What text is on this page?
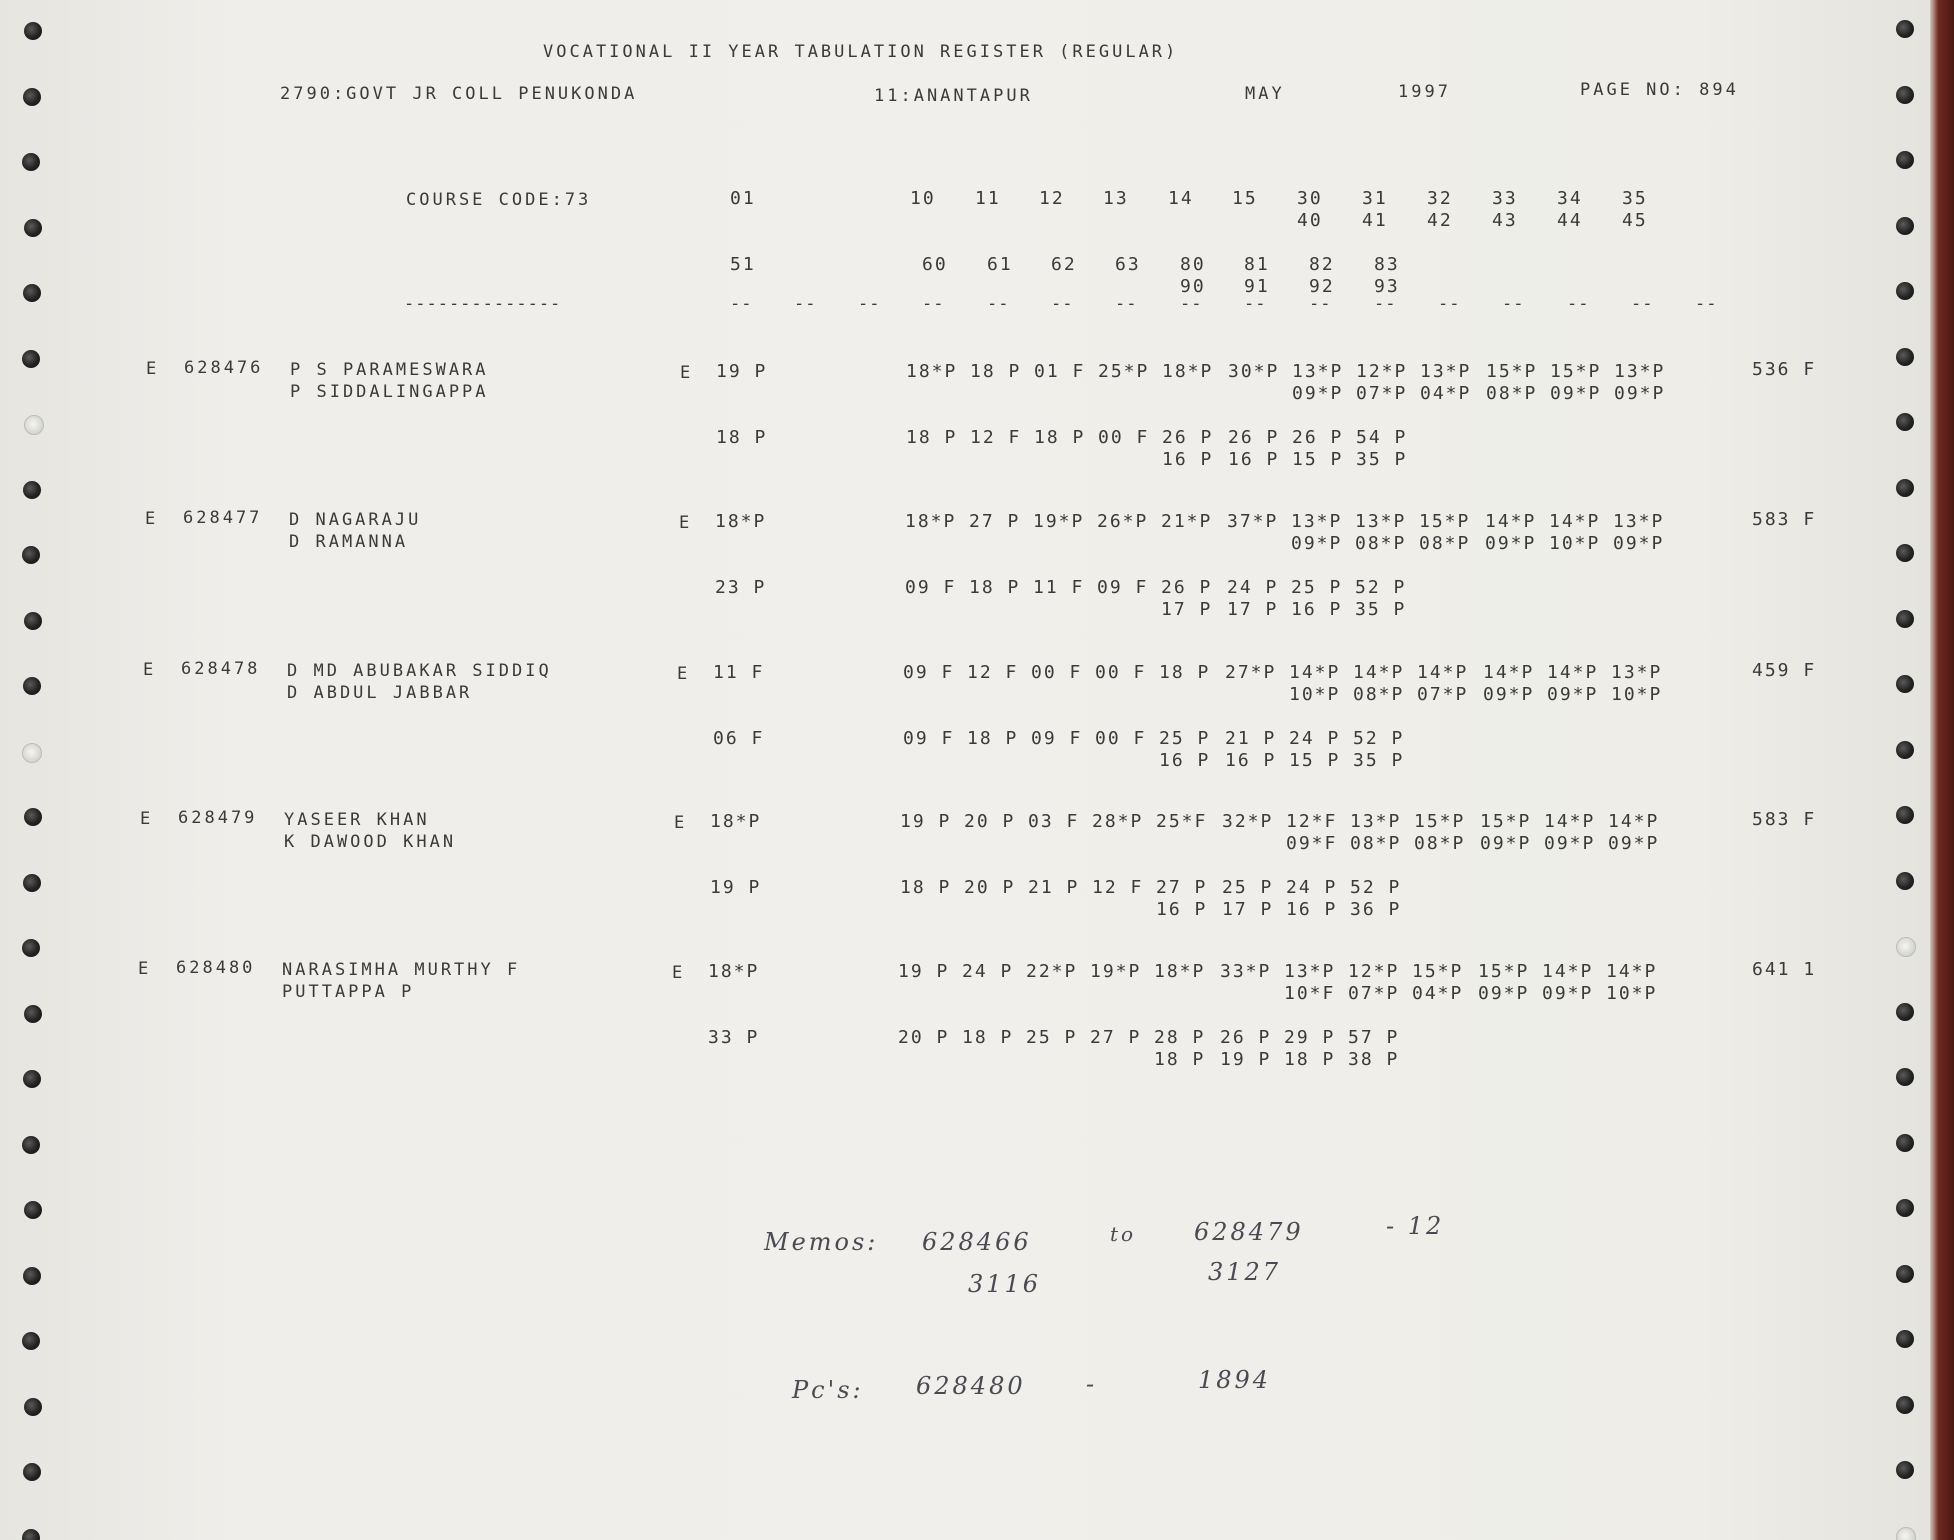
VOCATIONAL II YEAR TABULATION REGISTER (REGULAR)
2790:GOVT JR COLL PENUKONDA	11:ANANTAPUR	MAY	1997	PAGE NO: 894
COURSE CODE:73	01	10 11 12 13 14 15 30 31 32 33 34 35
40 41 42 43 44 45
51	60 61 62 63 80 81 82 83
90 91 92 93
--------------	-- -- -- --	-- -- --	-- --	--	-- -- --	-- -- --
E 628476 P S PARAMESWARA
P SIDDALINGAPPA
E 19 P	18*P 18 P 01 F 25*P 18*P 30*P 13*P 12*P 13*P 15*P 15*P 13*P
09*P 07*P 04*P 08*P 09*P 09*P
536 F
18 P	18 P 12 F 18 P 00 F 26 P 26 P 26 P 54 P
16 P 16 P 15 P 35 P
E 628477 D NAGARAJU
D RAMANNA
E 18*P	18*P 27 P 19*P 26*P 21*P 37*P 13*P 13*P 15*P 14*P 14*P 13*P
09*P 08*P 08*P 09*P 10*P 09*P
583 F
23 P	09 F 18 P 11 F 09 F 26 P 24 P 25 P 52 P
17 P 17 P 16 P 35 P
E 628478 D MD ABUBAKAR SIDDIQ
D ABDUL JABBAR
E 11 F	09 F 12 F 00 F 00 F 18 P 27*P 14*P 14*P 14*P 14*P 14*P 13*P
10*P 08*P 07*P 09*P 09*P 10*P
459 F
06 F	09 F 18 P 09 F 00 F 25 P 21 P 24 P 52 P
16 P 16 P 15 P 35 P
E 628479 YASEER KHAN
K DAWOOD KHAN
E 18*P	19 P 20 P 03 F 28*P 25*F 32*P 12*F 13*P 15*P 15*P 14*P 14*P
09*F 08*P 08*P 09*P 09*P 09*P
583 F
19 P	18 P 20 P 21 P 12 F 27 P 25 P 24 P 52 P
16 P 17 P 16 P 36 P
E 628480 NARASIMHA MURTHY F
PUTTAPPA P
E 18*P	19 P 24 P 22*P 19*P 18*P 33*P 13*P 12*P 15*P 15*P 14*P 14*P
10*F 07*P 04*P 09*P 09*P 10*P
641 1
33 P	20 P 18 P 25 P 27 P 28 P 26 P 29 P 57 P
18 P 19 P 18 P 38 P
Memos: 628466	to 628479	- 12
3116	3127
Pc's: 628480	-	1894
